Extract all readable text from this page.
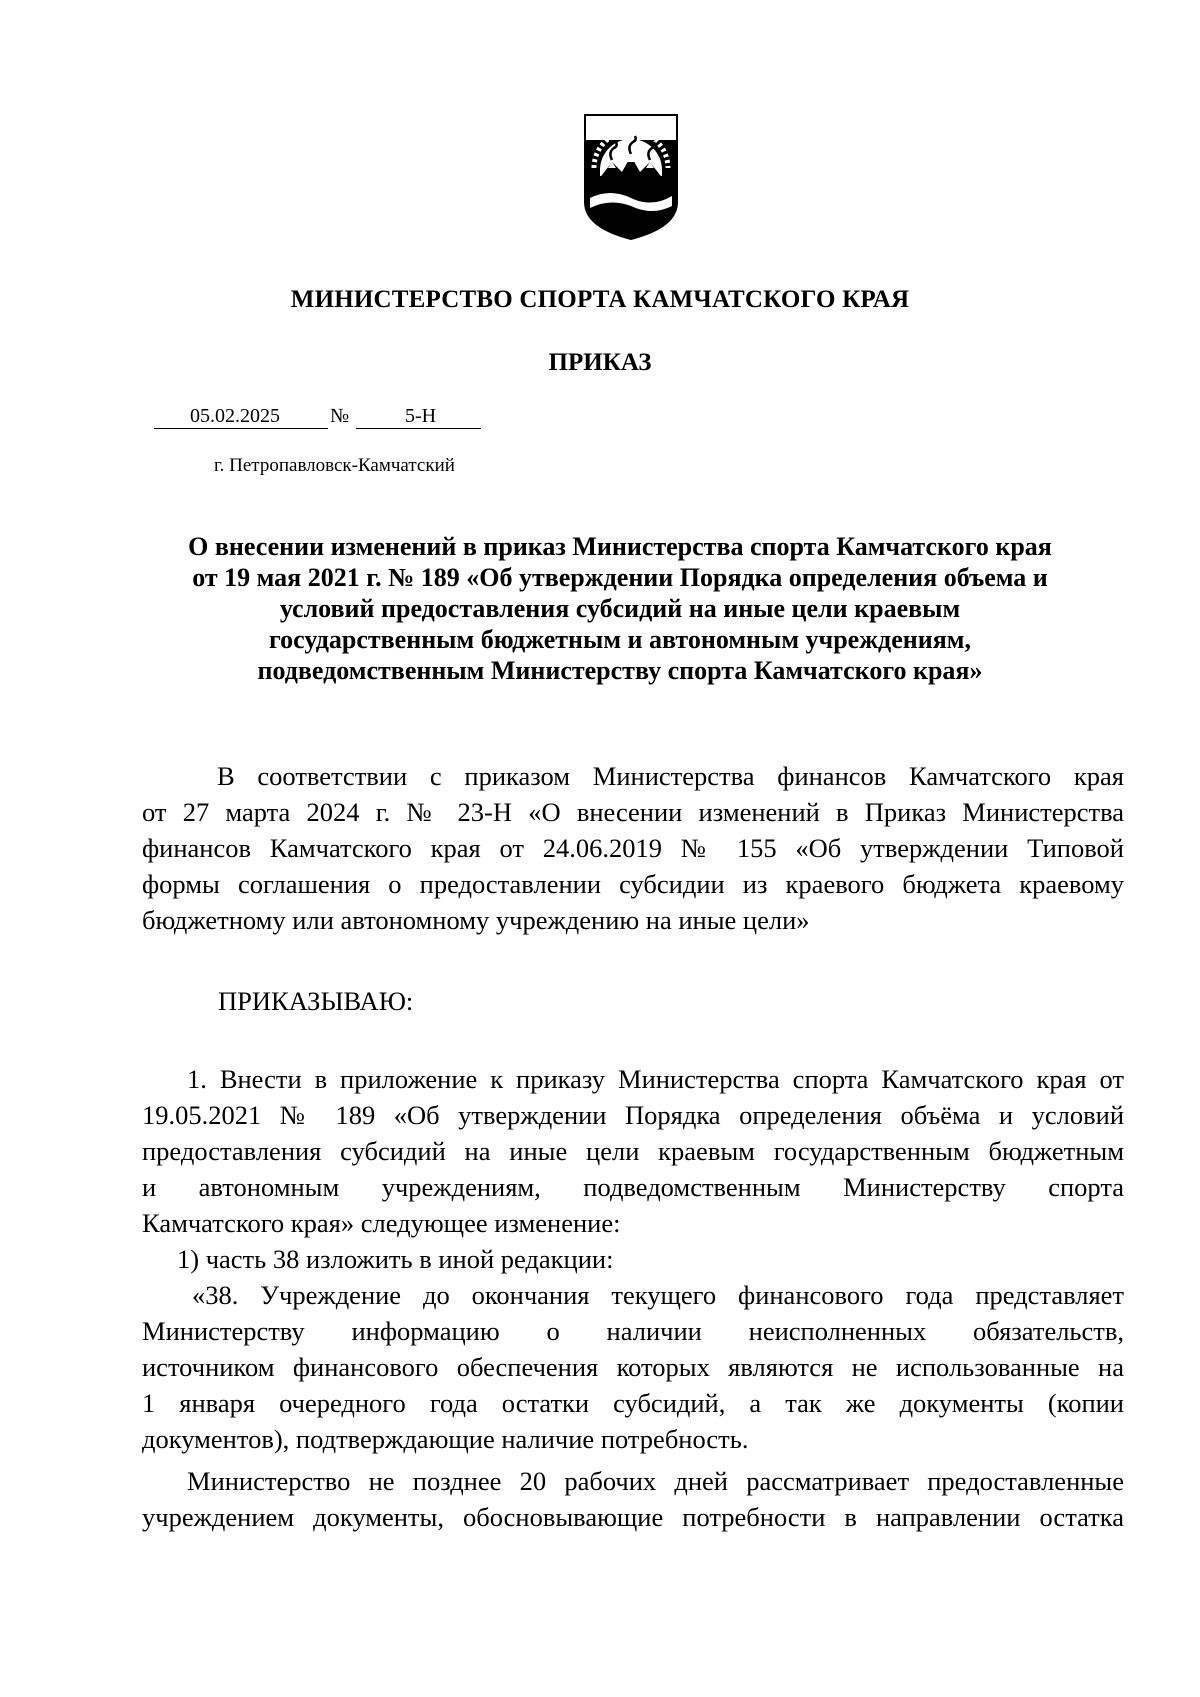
МИНИСТЕРСТВО СПОРТА КАМЧАТСКОГО КРАЯ

ПРИКАЗ

05.02.2025	№	5-Н
г. Петропавловск-Камчатский
О внесении изменений в приказ Министерства спорта Камчатского края
от 19 мая 2021 г. № 189 «Об утверждении Порядка определения объема и
условий предоставления субсидий на иные цели краевым
государственным бюджетным и автономным учреждениям,
подведомственным Министерству спорта Камчатского края»
В соответствии с приказом Министерства финансов Камчатского края
от 27 марта 2024 г. № 23-Н «О внесении изменений в Приказ Министерства
финансов Камчатского края от 24.06.2019 № 155 «Об утверждении Типовой
формы соглашения о предоставлении субсидии из краевого бюджета краевому
бюджетному или автономному учреждению на иные цели»

ПРИКАЗЫВАЮ:

1. Внести в приложение к приказу Министерства спорта Камчатского края от
19.05.2021 № 189 «Об утверждении Порядка определения объёма и условий
предоставления субсидий на иные цели краевым государственным бюджетным
и автономным учреждениям, подведомственным Министерству спорта
Камчатского края» следующее изменение:
1) часть 38 изложить в иной редакции:
«38. Учреждение до окончания текущего финансового года представляет
Министерству информацию о наличии неисполненных обязательств,
источником финансового обеспечения которых являются не использованные на
1 января очередного года остатки субсидий, а так же документы (копии
документов), подтверждающие наличие потребность.
Министерство не позднее 20 рабочих дней рассматривает предоставленные
учреждением документы, обосновывающие потребности в направлении остатка
